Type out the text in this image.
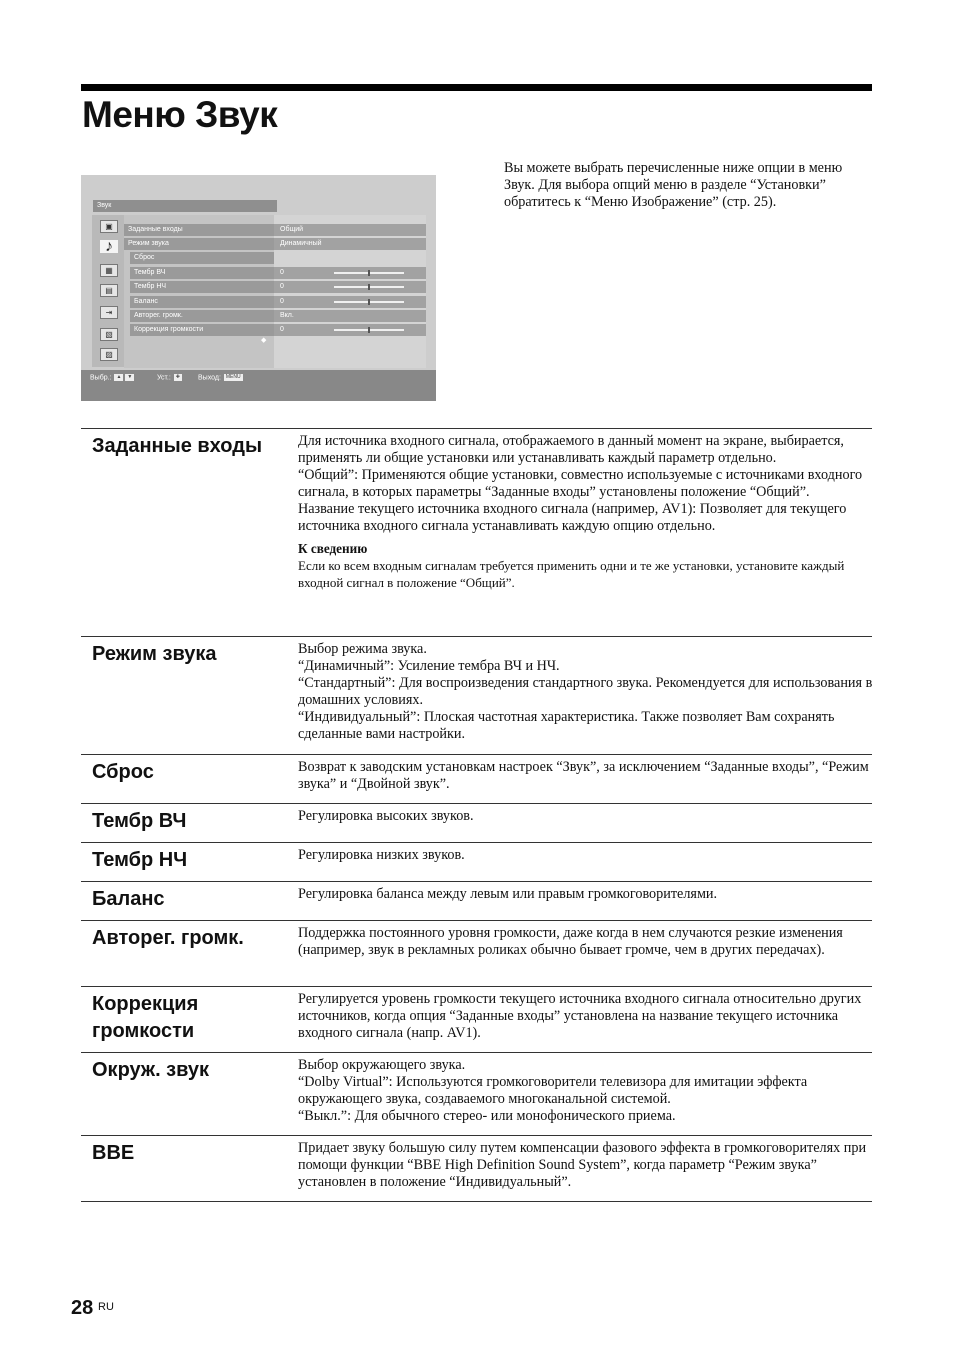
Меню Звук
Звук
▣
♪
▦
▤
⇥
▧
▨
Заданные входы
Режим звука
Сброс
Тембр ВЧ
Тембр НЧ
Баланс
Авторег. громк.
Коррекция громкости
Общий
Динамичный
0
0
0
Вкл.
0
◆
Выбр.: ▲ ▼	Уст.: ✚	Выход: MENU
Вы можете выбрать перечисленные ниже опции в меню Звук. Для выбора опций меню в разделе “Установки” обратитесь к “Меню Изображение” (стр. 25).
Заданные входы	Для источника входного сигнала, отображаемого в данный момент на экране, выбирается, применять ли общие установки или устанавливать каждый параметр отдельно.

“Общий”: Применяются общие установки, совместно используемые с источниками входного сигнала, в которых параметры “Заданные входы” установлены положение “Общий”.

Название текущего источника входного сигнала (например, AV1): Позволяет для текущего источника входного сигнала устанавливать каждую опцию отдельно.

К сведению

Если ко всем входным сигналам требуется применить одни и те же установки, установите каждый входной сигнал в положение “Общий”.

Режим звука	Выбор режима звука.

“Динамичный”: Усиление тембра ВЧ и НЧ.

“Стандартный”: Для воспроизведения стандартного звука. Рекомендуется для использования в домашних условиях.

“Индивидуальный”: Плоская частотная характеристика. Также позволяет Вам сохранять сделанные вами настройки.

Сброс	Возврат к заводским установкам настроек “Звук”, за исключением “Заданные входы”, “Режим звука” и “Двойной звук”.

Тембр ВЧ	Регулировка высоких звуков.

Тембр НЧ	Регулировка низких звуков.

Баланс	Регулировка баланса между левым или правым громкоговорителями.

Авторег. громк.	Поддержка постоянного уровня громкости, даже когда в нем случаются резкие изменения (например, звук в рекламных роликах обычно бывает громче, чем в других передачах).

Коррекция громкости

Регулируется уровень громкости текущего источника входного сигнала относительно других источников, когда опция “Заданные входы” установлена на название текущего источника входного сигнала (напр. AV1).

Окруж. звук	Выбор окружающего звука.

“Dolby Virtual”: Используются громкоговорители телевизора для имитации эффекта окружающего звука, создаваемого многоканальной системой.

“Выкл.”: Для обычного стерео- или монофонического приема.

BBE	Придает звуку большую силу путем компенсации фазового эффекта в громкоговорителях при помощи функции “BBE High Definition Sound System”, когда параметр “Режим звука” установлен в положение “Индивидуальный”.

28 RU
